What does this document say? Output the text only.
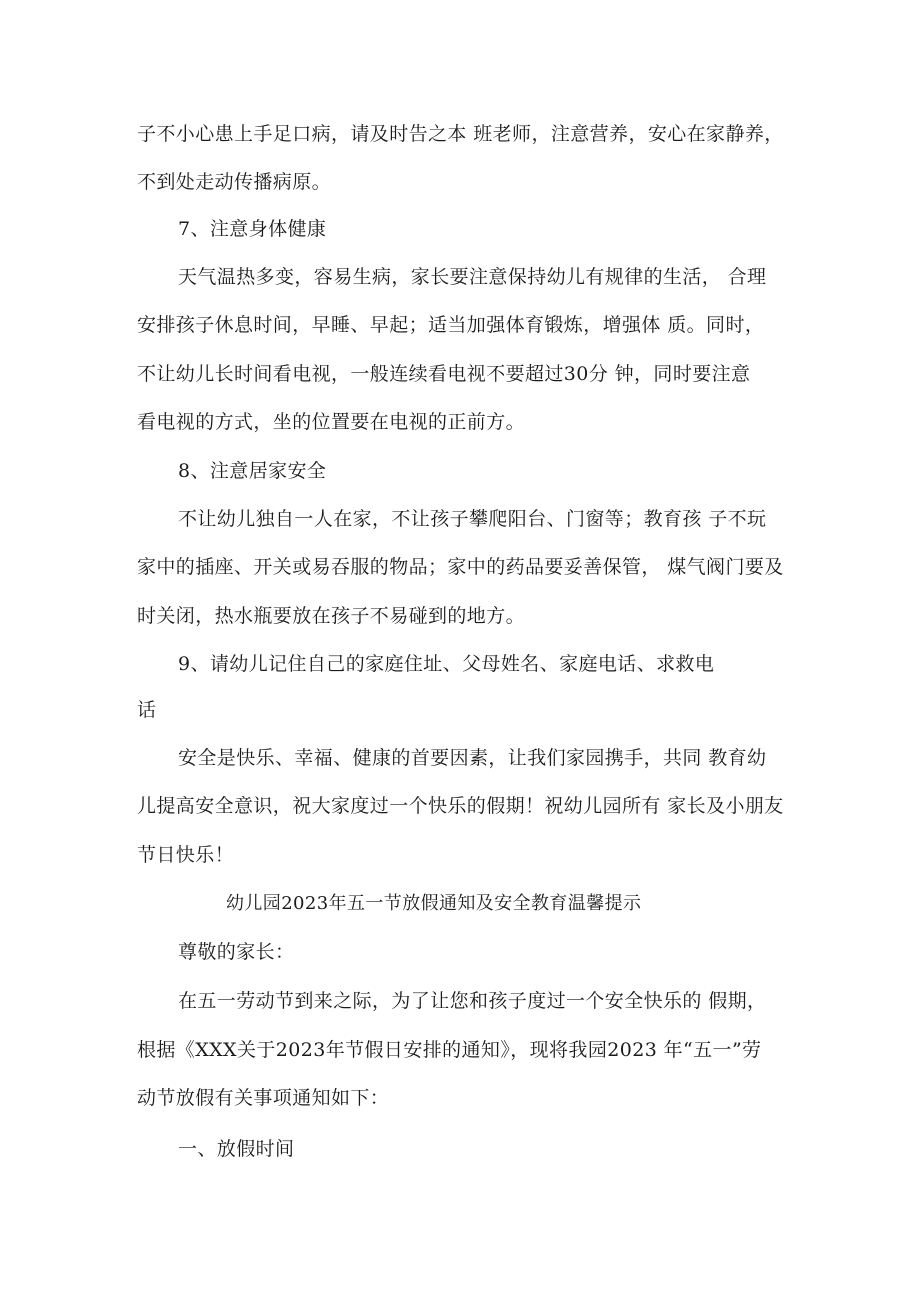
子不小心患上手足口病，请及时告之本 班老师，注意营养，安心在家静养，
不到处走动传播病原。
7、注意身体健康
天气温热多变，容易生病，家长要注意保持幼儿有规律的生活， 合理
安排孩子休息时间，早睡、早起；适当加强体育锻炼，增强体 质。同时，
不让幼儿长时间看电视，一般连续看电视不要超过30分 钟，同时要注意
看电视的方式，坐的位置要在电视的正前方。
8、注意居家安全
不让幼儿独自一人在家，不让孩子攀爬阳台、门窗等；教育孩 子不玩
家中的插座、开关或易吞服的物品；家中的药品要妥善保管， 煤气阀门要及
时关闭，热水瓶要放在孩子不易碰到的地方。
9、请幼儿记住自己的家庭住址、父母姓名、家庭电话、求救电
话
安全是快乐、幸福、健康的首要因素，让我们家园携手，共同 教育幼
儿提高安全意识，祝大家度过一个快乐的假期！祝幼儿园所有 家长及小朋友
节日快乐！
幼儿园2023年五一节放假通知及安全教育温馨提示
尊敬的家长：
在五一劳动节到来之际，为了让您和孩子度过一个安全快乐的 假期，
根据《XXX关于2023年节假日安排的通知》，现将我园2023 年“五一”劳
动节放假有关事项通知如下：
一、放假时间
